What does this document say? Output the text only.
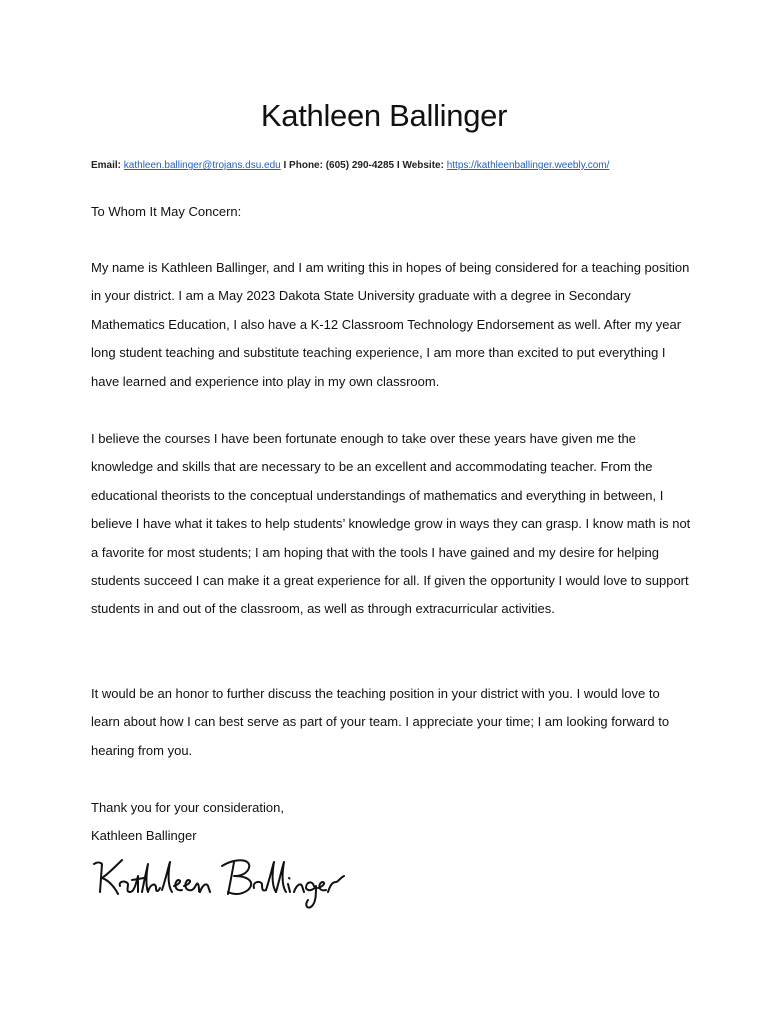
Kathleen Ballinger
Email: kathleen.ballinger@trojans.dsu.edu I Phone: (605) 290-4285 I Website: https://kathleenballinger.weebly.com/
To Whom It May Concern:
My name is Kathleen Ballinger, and I am writing this in hopes of being considered for a teaching position in your district. I am a May 2023 Dakota State University graduate with a degree in Secondary Mathematics Education, I also have a K-12 Classroom Technology Endorsement as well. After my year long student teaching and substitute teaching experience, I am more than excited to put everything I have learned and experience into play in my own classroom.
I believe the courses I have been fortunate enough to take over these years have given me the knowledge and skills that are necessary to be an excellent and accommodating teacher. From the educational theorists to the conceptual understandings of mathematics and everything in between, I believe I have what it takes to help students’ knowledge grow in ways they can grasp. I know math is not a favorite for most students; I am hoping that with the tools I have gained and my desire for helping students succeed I can make it a great experience for all. If given the opportunity I would love to support students in and out of the classroom, as well as through extracurricular activities.
It would be an honor to further discuss the teaching position in your district with you. I would love to learn about how I can best serve as part of your team. I appreciate your time; I am looking forward to hearing from you.
Thank you for your consideration,
Kathleen Ballinger
